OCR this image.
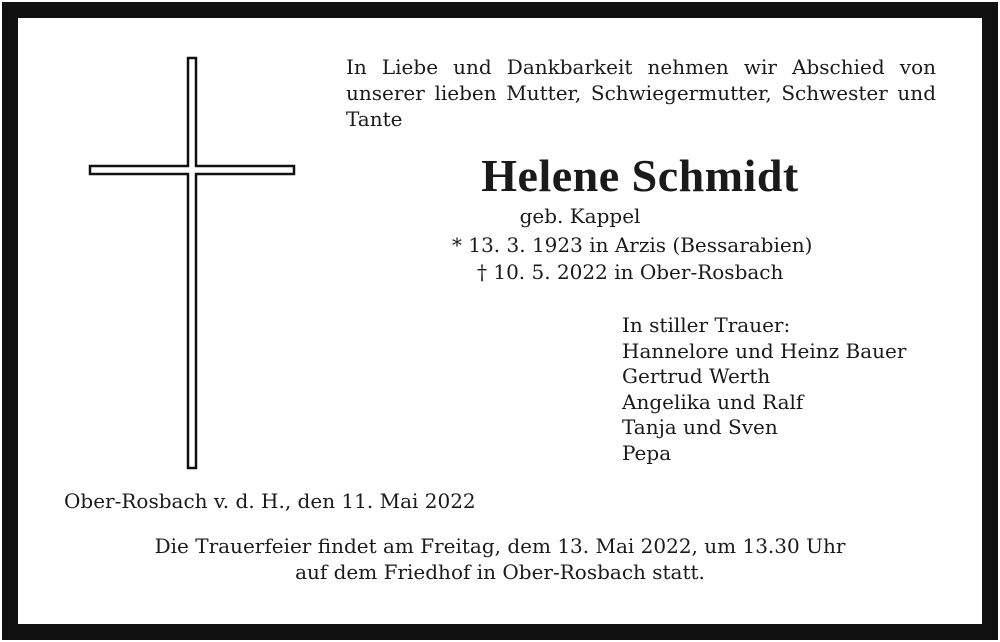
In Liebe und Dankbarkeit nehmen wir Abschied von unserer lieben Mutter, Schwiegermutter, Schwester und Tante
Helene Schmidt
geb. Kappel
* 13. 3. 1923 in Arzis (Bessarabien)
† 10. 5. 2022 in Ober-Rosbach
In stiller Trauer:
Hannelore und Heinz Bauer
Gertrud Werth
Angelika und Ralf
Tanja und Sven
Pepa
Ober-Rosbach v. d. H., den 11. Mai 2022
Die Trauerfeier findet am Freitag, dem 13. Mai 2022, um 13.30 Uhr
auf dem Friedhof in Ober-Rosbach statt.
